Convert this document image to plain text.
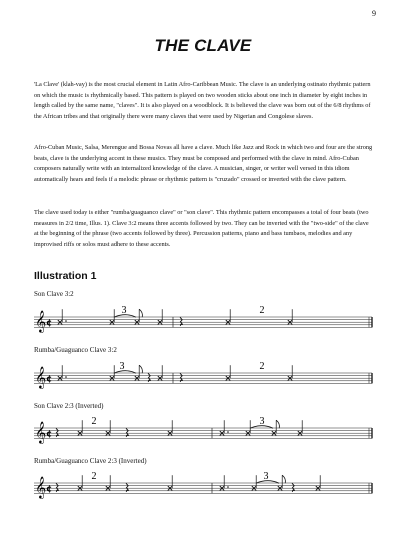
9
THE CLAVE

'La Clave' (klah-vay) is the most crucial element in Latin Afro-Caribbean Music. The clave is an underlying ostinato rhythmic pattern on which the music is rhythmically based. This pattern is played on two wooden sticks about one inch in diameter by eight inches in length called by the same name, "claves". It is also played on a woodblock. It is believed the clave was born out of the 6/8 rhythms of the African tribes and that originally there were many claves that were used by Nigerian and Congolese slaves.

Afro-Cuban Music, Salsa, Merengue and Bossa Novas all have a clave. Much like Jazz and Rock in which two and four are the strong beats, clave is the underlying accent in these musics. They must be composed and performed with the clave in mind. Afro-Cuban composers naturally write with an internalized knowledge of the clave. A musician, singer, or writer well versed in this idiom automatically hears and feels if a melodic phrase or rhythmic pattern is "cruzado" crossed or inverted with the clave pattern.

The clave used today is either "rumba/guaguanco clave" or "son clave". This rhythmic pattern encompasses a total of four beats (two measures in 2/2 time, Illus. 1). Clave 3:2 means three accents followed by two. They can be inverted with the "two-side" of the clave at the beginning of the phrase (two accents followed by three). Percussion patterns, piano and bass tumbaos, melodies and any improvised riffs or solos must adhere to these accents.

Illustration 1
Son Clave 3:2
3	2
𝄞 ¢
Rumba/Guaguanco Clave 3:2
3	2
𝄞 ¢
Son Clave 2:3 (Inverted)
2	3
𝄞 ¢
Rumba/Guaguanco Clave 2:3 (Inverted)
2	3
𝄞 ¢
